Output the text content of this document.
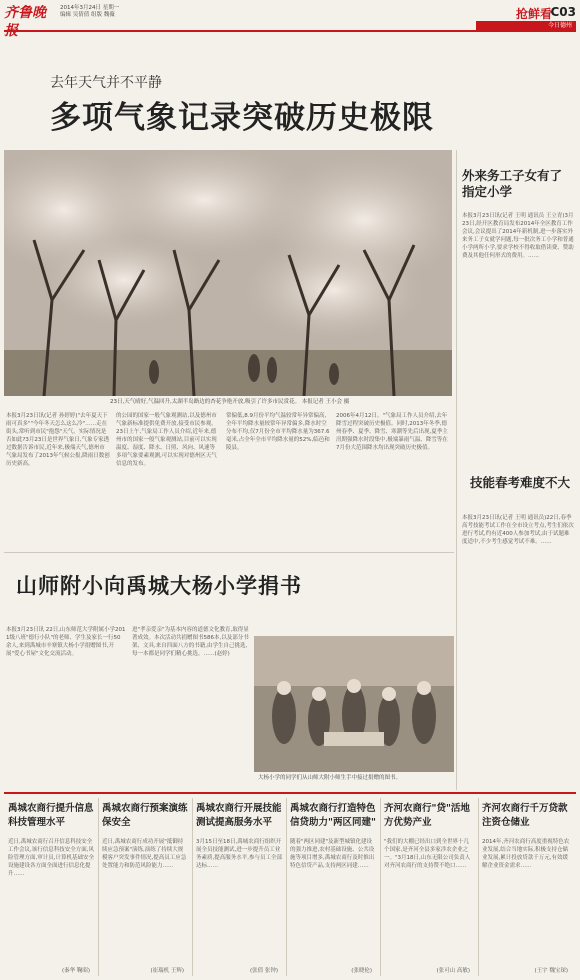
齐鲁晚报
2014年3月24日 星期一
编辑 吴倩倩 组版 魏薇	抢鲜看
C03
今日德州
去年天气并不平静
多项气象记录突破历史极限
23日,天气晴好,气温回升,太湖半岛路边的杏花争艳开放,吸引了许多市民赏花。 本报记者 王小会 摄
本报3月23日讯(记者 孙婷婷)"去年夏天下雨可真多""今年冬天怎么这么冷"……走在街头,常听到市民"抱怨"天气。实际情况是否如此?3月23日是世界气象日,气象专家透过数据告诉市民,近年来,极端天气,德州市气象局发布了2013年气候公报,降雨日数创历史新高。
的公园的国家一般气象观测站,以及德州市气象新标准提供免费开放,接受市民参观。23日上午,气象局工作人员介绍,近年来,德州市的国家一般气象观测站,目前可以实现温度、湿度、降水、日照、风向、风速等多项气象要素观测,可以实现对德州区天气信息的发布。
常偏低,8.9月份平均气温较常年异常偏高,全年平均降水量较常年异常偏多,降水时空分布不均,仅7月份全市平均降水量为367.6毫米,占全年全市平均降水量的52%,临邑和陵县。
2006年4月12日。"气象局工作人员介绍,去年降雪过程突破历史极值。同时,2013年冬季,德州春季、夏季、降雪、寒潮等先后出现,夏季主汛期强降水时段集中,极端暴雨气温、降雪等在7月份大范围降水均出现突破历史极值。
外来务工子女有了指定小学
本报3月23日讯(记者 王明 通讯员 王立青)3月23日,经开区教育局发布2014年全区教育工作会议,会议提出了2014年新机制,进一步落实外来务工子女就学问题,每一批次务工小学和普通小学两所小学,要求学校不得收取借读费、赞助费及其他任何形式的费用。……
技能春考难度不大
本报3月23日讯(记者 王明 通讯员)22日,春季高考技能考试工作在全市设立考点,考生们依次进行考试,约有近400人参加考试,由于试题难度适中,不少考生感觉考试不难。……
山师附小向禹城大杨小学捐书
本报3月23日讯 22日,山东师范大学附属小学2011级八班"德行小队"的老师、学生及家长一行50余人,来到禹城市辛寨镇大杨小学捐赠图书,开展"爱心书屋"文化交流活动。
进"孝亲爱亲"为基本内容的道德文化教育,取得显著成效。本次活动共捐赠图书586本,以及部分书架、文具,来自四面八方的书籍,由学生自己挑选,每一本都是同学们精心挑选。……(赵婷)
大杨小学的同学们从山师大附小师生手中接过捐赠的图书。
禹城农商行提升信息科技管理水平
近日,禹城农商行召开信息科技安全工作会议,该行信息科技安全方面,风险管理方面,审计员,计算机基础安全设施建设各方面全面进行信息化提升……
(秦华 鞠昭)
禹城农商行预案演练保安全
近日,禹城农商行成功开展"抵御持续应急预案"演练,演练了持续大规模客户突发事件情况,提高员工应急处置能力和防范风险能力……
(崔瑞机 王辉)
禹城农商行开展技能测试提高服务水平
3月15日至18日,禹城农商行组织开展全员技能测试,进一步提升员工业务素质,提高服务水平,参与员工全部达标……
(张倩 张钟)
禹城农商行打造特色信贷助力"两区同建"
随着"两区同建"及新型城镇化建设的强力推进,农村基础设施、公共设施等项目增多,禹城农商行及时推出特色信贷产品,支持两区同建……
(张晓伦)
齐河农商行"贷"活地方优势产业
"我们的大棚已经出口到全世界十几个国家,是齐河全县多家涉农企业之一。"3月18日,山东无限公司负责人对齐河农商行的支持赞不绝口……
(张可山 高敏)
齐河农商行千万贷款注资仓储业
2014年,齐河农商行高度重视特色农业发展,结合当地实际,积极支持仓储业发展,累计投放贷款千万元,有效缓解企业资金需求……
(王宇 魏宝琛)
